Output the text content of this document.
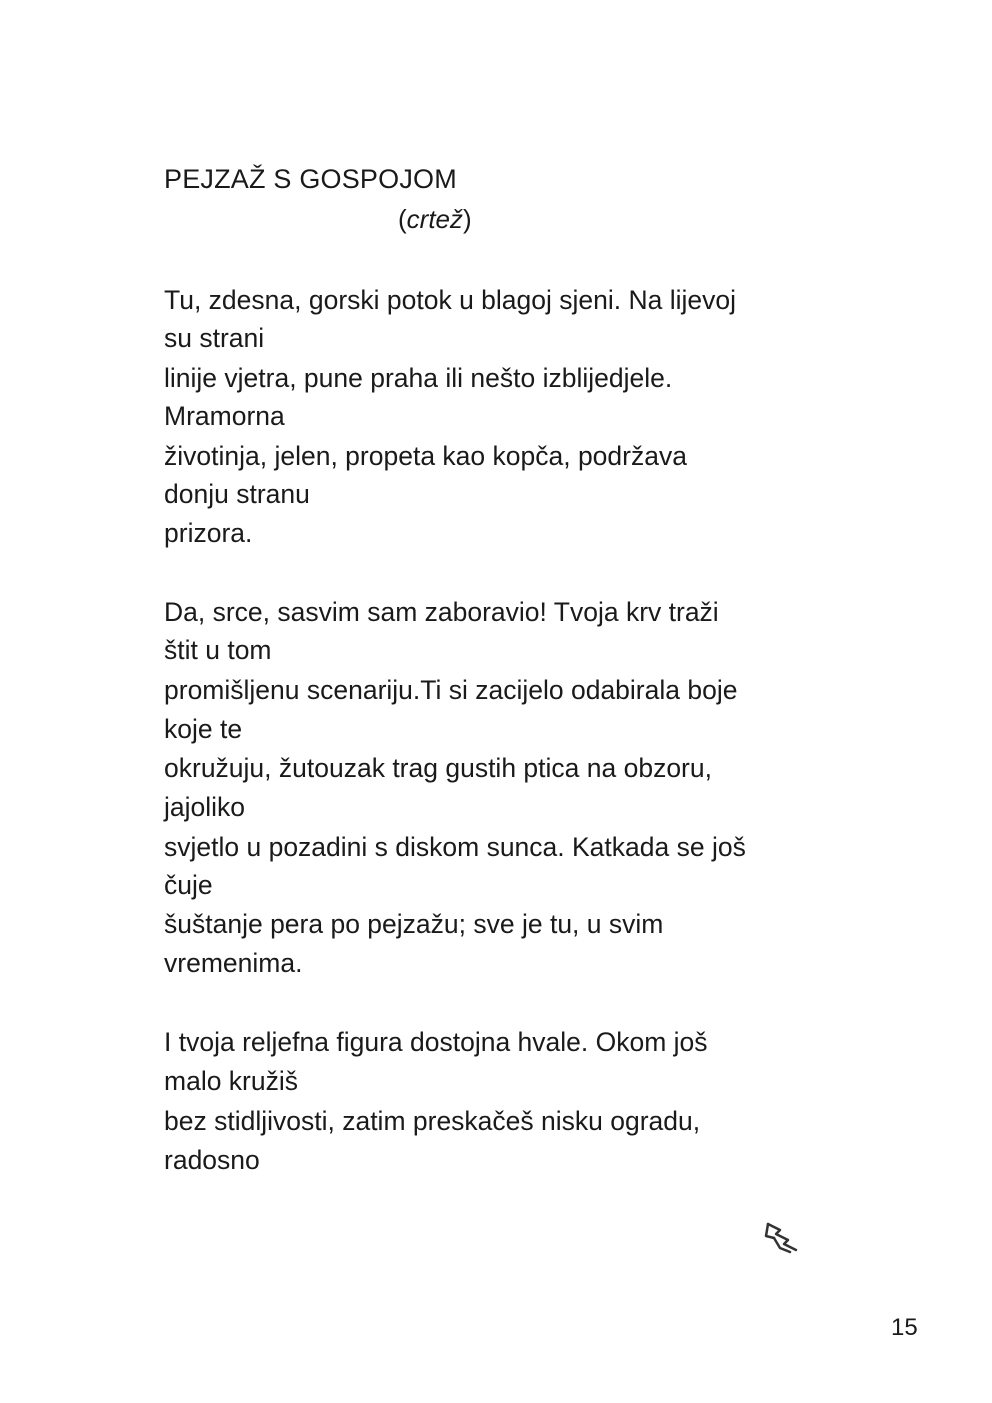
PEJZAŽ S GOSPOJOM
(crtež)
Tu, zdesna, gorski potok u blagoj sjeni. Na lijevoj
su strani
linije vjetra, pune praha ili nešto izblijedjele.
Mramorna
životinja, jelen, propeta kao kopča, podržava
donju stranu
prizora.
Da, srce, sasvim sam zaboravio! Tvoja krv traži
štit u tom
promišljenu scenariju.Ti si zacijelo odabirala boje
koje te
okružuju, žutouzak trag gustih ptica na obzoru,
jajoliko
svjetlo u pozadini s diskom sunca. Katkada se još
čuje
šuštanje pera po pejzažu; sve je tu, u svim
vremenima.
I tvoja reljefna figura dostojna hvale. Okom još
malo kružiš
bez stidljivosti, zatim preskačeš nisku ogradu,
radosno
15
